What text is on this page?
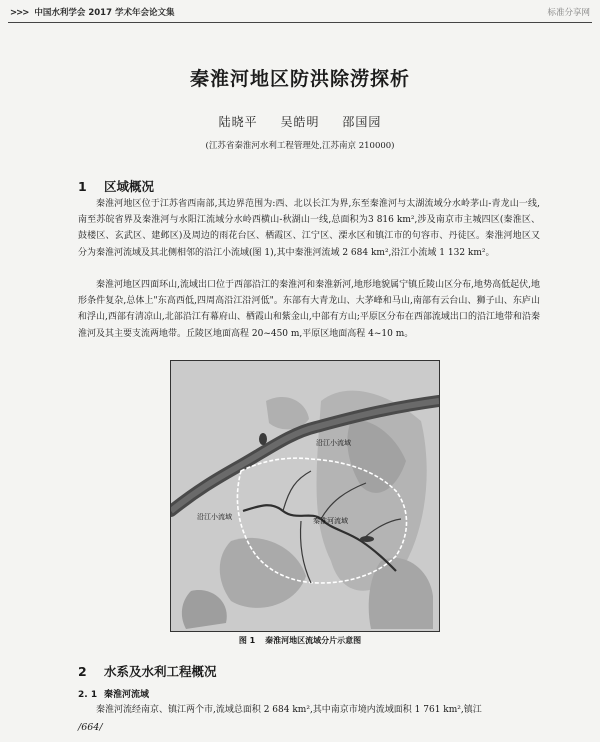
>>> 中国水利学会 2017 学术年会论文集	标准分享网
秦淮河地区防洪除涝探析
陆晓平 吴皓明 邵国园
(江苏省秦淮河水利工程管理处,江苏南京 210000)
1 区域概况

秦淮河地区位于江苏省西南部,其边界范围为:西、北以长江为界,东至秦淮河与太湖流域分水岭茅山-青龙山一线,南至苏皖省界及秦淮河与水阳江流域分水岭西横山-秋湖山一线,总面积为3 816 km²,涉及南京市主城四区(秦淮区、鼓楼区、玄武区、建邺区)及周边的雨花台区、栖霞区、江宁区、溧水区和镇江市的句容市、丹徒区。秦淮河地区又分为秦淮河流域及其北侧相邻的沿江小流域(图 1),其中秦淮河流域 2 684 km²,沿江小流域 1 132 km²。

秦淮河地区四面环山,流域出口位于西部沿江的秦淮河和秦淮新河,地形地貌属宁镇丘陵山区分布,地势高低起伏,地形条件复杂,总体上"东高西低,四周高沿江沿河低"。东部有大青龙山、大茅峰和马山,南部有云台山、狮子山、东庐山和浮山,西部有清凉山,北部沿江有幕府山、栖霞山和紫金山,中部有方山;平原区分布在西部流域出口的沿江地带和沿秦淮河及其主要支流两地带。丘陵区地面高程 20~450 m,平原区地面高程 4~10 m。

沿江小流域
沿江小流域	秦淮河流域
图 1 秦淮河地区流域分片示意图
2 水系及水利工程概况
2. 1 秦淮河流域

秦淮河流经南京、镇江两个市,流域总面积 2 684 km²,其中南京市境内流域面积 1 761 km²,镇江

/664/
